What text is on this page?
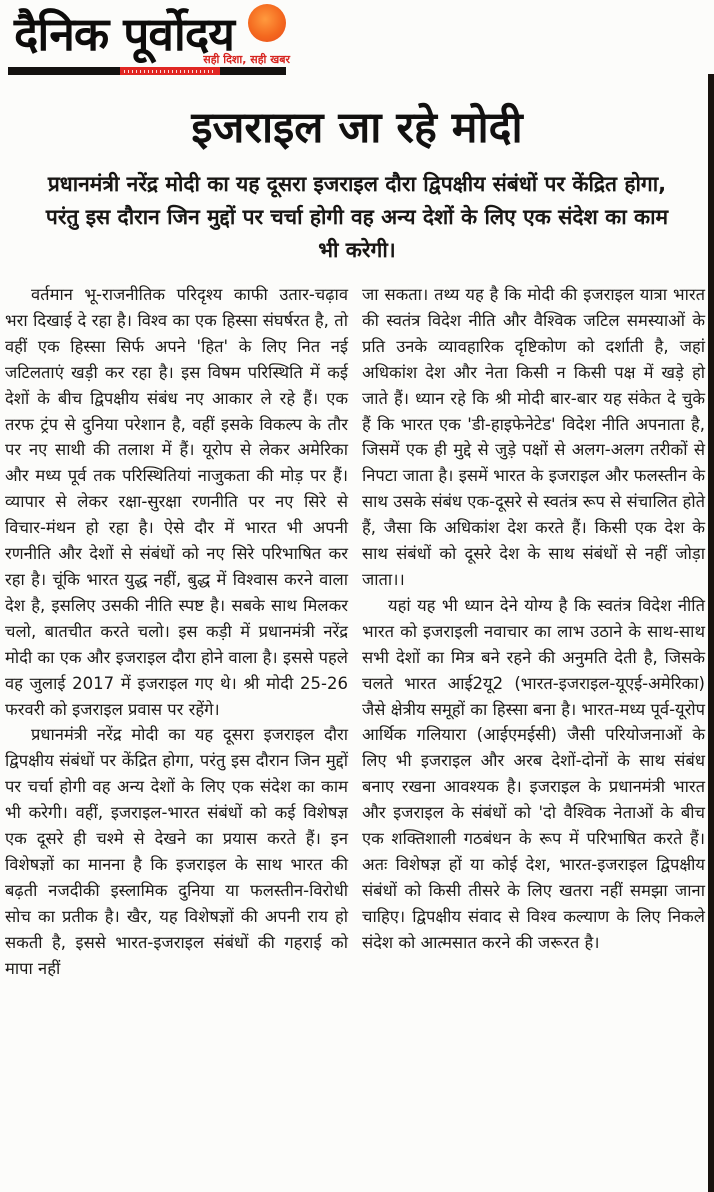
दैनिक पूर्वोदय
सही दिशा, सही खबर
इजराइल जा रहे मोदी
प्रधानमंत्री नरेंद्र मोदी का यह दूसरा इजराइल दौरा द्विपक्षीय संबंधों पर केंद्रित होगा, परंतु इस दौरान जिन मुद्दों पर चर्चा होगी वह अन्य देशों के लिए एक संदेश का काम भी करेगी।

वर्तमान भू-राजनीतिक परिदृश्य काफी उतार-चढ़ाव भरा दिखाई दे रहा है। विश्व का एक हिस्सा संघर्षरत है, तो वहीं एक हिस्सा सिर्फ अपने 'हित' के लिए नित नई जटिलताएं खड़ी कर रहा है। इस विषम परिस्थिति में कई देशों के बीच द्विपक्षीय संबंध नए आकार ले रहे हैं। एक तरफ ट्रंप से दुनिया परेशान है, वहीं इसके विकल्प के तौर पर नए साथी की तलाश में हैं। यूरोप से लेकर अमेरिका और मध्य पूर्व तक परिस्थितियां नाजुकता की मोड़ पर हैं। व्यापार से लेकर रक्षा-सुरक्षा रणनीति पर नए सिरे से विचार-मंथन हो रहा है। ऐसे दौर में भारत भी अपनी रणनीति और देशों से संबंधों को नए सिरे परिभाषित कर रहा है। चूंकि भारत युद्ध नहीं, बुद्ध में विश्वास करने वाला देश है, इसलिए उसकी नीति स्पष्ट है। सबके साथ मिलकर चलो, बातचीत करते चलो। इस कड़ी में प्रधानमंत्री नरेंद्र मोदी का एक और इजराइल दौरा होने वाला है। इससे पहले वह जुलाई 2017 में इजराइल गए थे। श्री मोदी 25-26 फरवरी को इजराइल प्रवास पर रहेंगे।

प्रधानमंत्री नरेंद्र मोदी का यह दूसरा इजराइल दौरा द्विपक्षीय संबंधों पर केंद्रित होगा, परंतु इस दौरान जिन मुद्दों पर चर्चा होगी वह अन्य देशों के लिए एक संदेश का काम भी करेगी। वहीं, इजराइल-भारत संबंधों को कई विशेषज्ञ एक दूसरे ही चश्मे से देखने का प्रयास करते हैं। इन विशेषज्ञों का मानना है कि इजराइल के साथ भारत की बढ़ती नजदीकी इस्लामिक दुनिया या फलस्तीन-विरोधी सोच का प्रतीक है। खैर, यह विशेषज्ञों की अपनी राय हो सकती है, इससे भारत-इजराइल संबंधों की गहराई को मापा नहीं

जा सकता। तथ्य यह है कि मोदी की इजराइल यात्रा भारत की स्वतंत्र विदेश नीति और वैश्विक जटिल समस्याओं के प्रति उनके व्यावहारिक दृष्टिकोण को दर्शाती है, जहां अधिकांश देश और नेता किसी न किसी पक्ष में खड़े हो जाते हैं। ध्यान रहे कि श्री मोदी बार-बार यह संकेत दे चुके हैं कि भारत एक 'डी-हाइफेनेटेड' विदेश नीति अपनाता है, जिसमें एक ही मुद्दे से जुड़े पक्षों से अलग-अलग तरीकों से निपटा जाता है। इसमें भारत के इजराइल और फलस्तीन के साथ उसके संबंध एक-दूसरे से स्वतंत्र रूप से संचालित होते हैं, जैसा कि अधिकांश देश करते हैं। किसी एक देश के साथ संबंधों को दूसरे देश के साथ संबंधों से नहीं जोड़ा जाता।।

यहां यह भी ध्यान देने योग्य है कि स्वतंत्र विदेश नीति भारत को इजराइली नवाचार का लाभ उठाने के साथ-साथ सभी देशों का मित्र बने रहने की अनुमति देती है, जिसके चलते भारत आई2यू2 (भारत-इजराइल-यूएई-अमेरिका) जैसे क्षेत्रीय समूहों का हिस्सा बना है। भारत-मध्य पूर्व-यूरोप आर्थिक गलियारा (आईएमईसी) जैसी परियोजनाओं के लिए भी इजराइल और अरब देशों-दोनों के साथ संबंध बनाए रखना आवश्यक है। इजराइल के प्रधानमंत्री भारत और इजराइल के संबंधों को 'दो वैश्विक नेताओं के बीच एक शक्तिशाली गठबंधन के रूप में परिभाषित करते हैं। अतः विशेषज्ञ हों या कोई देश, भारत-इजराइल द्विपक्षीय संबंधों को किसी तीसरे के लिए खतरा नहीं समझा जाना चाहिए। द्विपक्षीय संवाद से विश्व कल्याण के लिए निकले संदेश को आत्मसात करने की जरूरत है।
